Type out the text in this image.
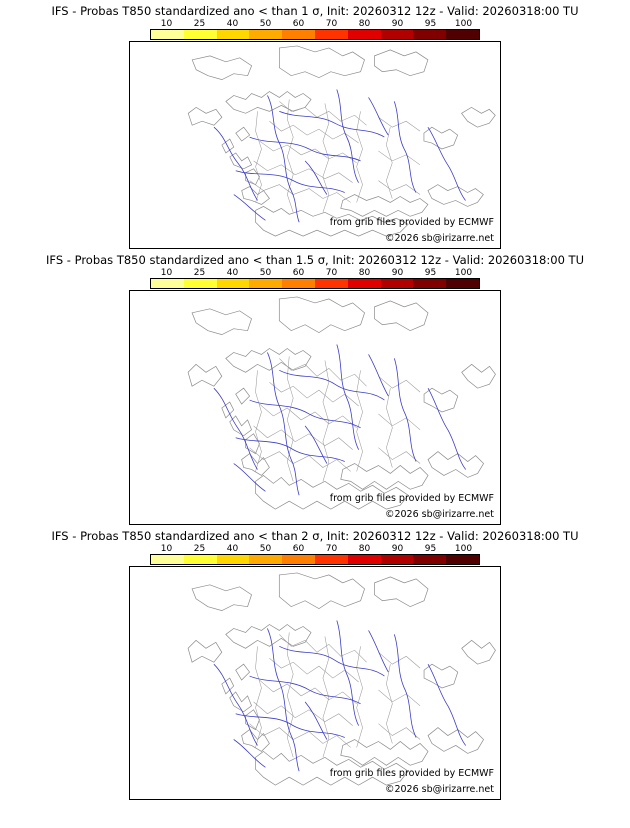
IFS - Probas T850 standardized ano < than 1 σ, Init: 20260312 12z - Valid: 20260318:00 TU
10 25 40 50 60 70 80 90 95 100
from grib files provided by ECMWF
©2026 sb@irizarre.net
IFS - Probas T850 standardized ano < than 1.5 σ, Init: 20260312 12z - Valid: 20260318:00 TU
10 25 40 50 60 70 80 90 95 100
from grib files provided by ECMWF
©2026 sb@irizarre.net
IFS - Probas T850 standardized ano < than 2 σ, Init: 20260312 12z - Valid: 20260318:00 TU
10 25 40 50 60 70 80 90 95 100
from grib files provided by ECMWF
©2026 sb@irizarre.net
